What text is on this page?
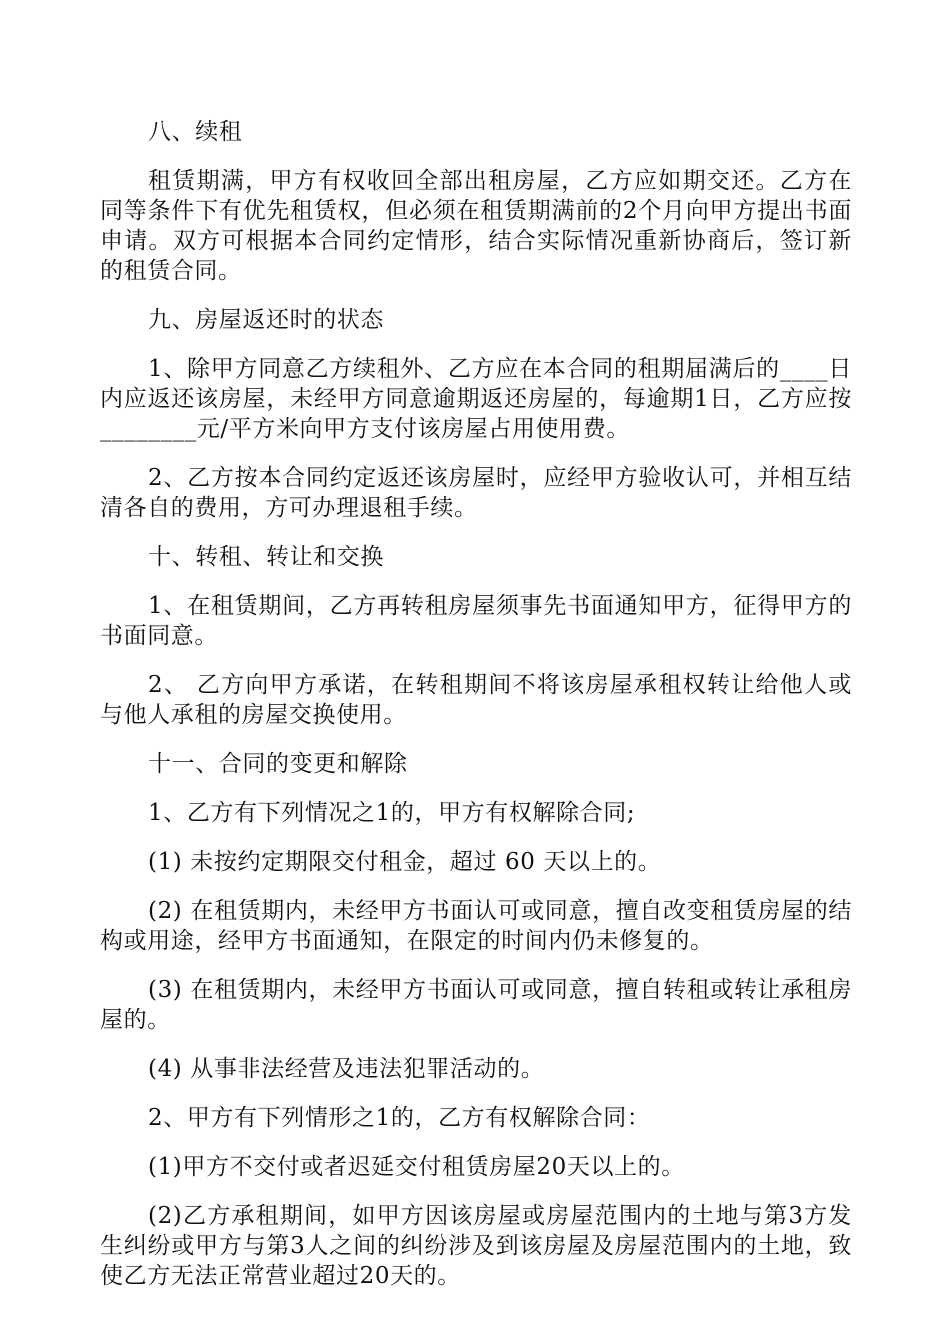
八、续租

租赁期满，甲方有权收回全部出租房屋，乙方应如期交还。乙方在同等条件下有优先租赁权，但必须在租赁期满前的2个月向甲方提出书面申请。双方可根据本合同约定情形，结合实际情况重新协商后，签订新的租赁合同。

九、房屋返还时的状态

1、除甲方同意乙方续租外、乙方应在本合同的租期届满后的____日内应返还该房屋，未经甲方同意逾期返还房屋的，每逾期1日，乙方应按________元/平方米向甲方支付该房屋占用使用费。

2、乙方按本合同约定返还该房屋时，应经甲方验收认可，并相互结清各自的费用，方可办理退租手续。

十、转租、转让和交换

1、在租赁期间，乙方再转租房屋须事先书面通知甲方，征得甲方的书面同意。

2、 乙方向甲方承诺，在转租期间不将该房屋承租权转让给他人或与他人承租的房屋交换使用。

十一、合同的变更和解除

1、乙方有下列情况之1的，甲方有权解除合同;

(1) 未按约定期限交付租金，超过 60 天以上的。

(2) 在租赁期内，未经甲方书面认可或同意，擅自改变租赁房屋的结构或用途，经甲方书面通知，在限定的时间内仍未修复的。

(3) 在租赁期内，未经甲方书面认可或同意，擅自转租或转让承租房屋的。

(4) 从事非法经营及违法犯罪活动的。

2、甲方有下列情形之1的，乙方有权解除合同：

(1)甲方不交付或者迟延交付租赁房屋20天以上的。

(2)乙方承租期间，如甲方因该房屋或房屋范围内的土地与第3方发生纠纷或甲方与第3人之间的纠纷涉及到该房屋及房屋范围内的土地，致使乙方无法正常营业超过20天的。
